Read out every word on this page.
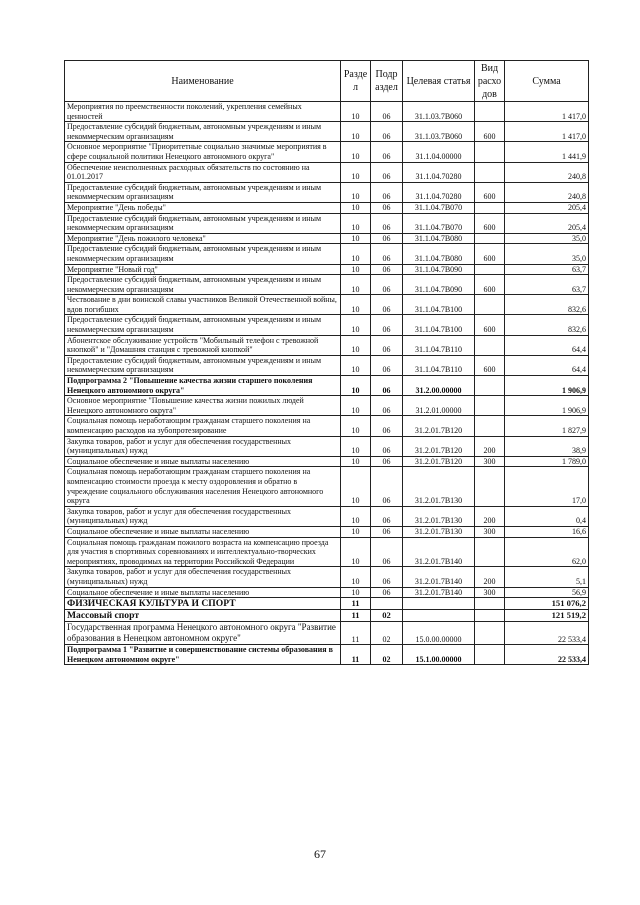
Наименование	Разде л	Подр аздел	Целевая статья	Вид расхо дов	Сумма
Мероприятия по преемственности поколений, укрепления семейных ценностей	10	06	31.1.03.7В060		1 417,0
Предоставление субсидий бюджетным, автономным учреждениям и иным некоммерческим организациям	10	06	31.1.03.7В060	600	1 417,0
Основное мероприятие "Приоритетные социально значимые мероприятия в сфере социальной политики Ненецкого автономного округа"	10	06	31.1.04.00000		1 441,9
Обеспечение неисполненных расходных обязательств по состоянию на 01.01.2017	10	06	31.1.04.70280		240,8
Предоставление субсидий бюджетным, автономным учреждениям и иным некоммерческим организациям	10	06	31.1.04.70280	600	240,8
Мероприятие "День победы"	10	06	31.1.04.7В070		205,4
Предоставление субсидий бюджетным, автономным учреждениям и иным некоммерческим организациям	10	06	31.1.04.7В070	600	205,4
Мероприятие "День пожилого человека"	10	06	31.1.04.7В080		35,0
Предоставление субсидий бюджетным, автономным учреждениям и иным некоммерческим организациям	10	06	31.1.04.7В080	600	35,0
Мероприятие "Новый год"	10	06	31.1.04.7В090		63,7
Предоставление субсидий бюджетным, автономным учреждениям и иным некоммерческим организациям	10	06	31.1.04.7В090	600	63,7
Чествование в дни воинской славы участников Великой Отечественной войны, вдов погибших	10	06	31.1.04.7В100		832,6
Предоставление субсидий бюджетным, автономным учреждениям и иным некоммерческим организациям	10	06	31.1.04.7В100	600	832,6
Абонентское обслуживание устройств "Мобильный телефон с тревожной кнопкой" и "Домашняя станция с тревожной кнопкой"	10	06	31.1.04.7В110		64,4
Предоставление субсидий бюджетным, автономным учреждениям и иным некоммерческим организациям	10	06	31.1.04.7В110	600	64,4
Подпрограмма 2 "Повышение качества жизни старшего поколения Ненецкого автономного округа"	10	06	31.2.00.00000		1 906,9
Основное мероприятие "Повышение качества жизни пожилых людей Ненецкого автономного округа"	10	06	31.2.01.00000		1 906,9
Социальная помощь неработающим гражданам старшего поколения на компенсацию расходов на зубопротезирование	10	06	31.2.01.7В120		1 827,9
Закупка товаров, работ и услуг для обеспечения государственных (муниципальных) нужд	10	06	31.2.01.7В120	200	38,9
Социальное обеспечение и иные выплаты населению	10	06	31.2.01.7В120	300	1 789,0
Социальная помощь неработающим гражданам старшего поколения на компенсацию стоимости проезда к месту оздоровления и обратно в учреждение социального обслуживания населения Ненецкого автономного округа	10	06	31.2.01.7В130		17,0
Закупка товаров, работ и услуг для обеспечения государственных (муниципальных) нужд	10	06	31.2.01.7В130	200	0,4
Социальное обеспечение и иные выплаты населению	10	06	31.2.01.7В130	300	16,6
Социальная помощь гражданам пожилого возраста на компенсацию проезда для участия в спортивных соревнованиях и интеллектуально-творческих мероприятиях, проводимых на территории Российской Федерации	10	06	31.2.01.7В140		62,0
Закупка товаров, работ и услуг для обеспечения государственных (муниципальных) нужд	10	06	31.2.01.7В140	200	5,1
Социальное обеспечение и иные выплаты населению	10	06	31.2.01.7В140	300	56,9
ФИЗИЧЕСКАЯ КУЛЬТУРА И СПОРТ	11				151 076,2
Массовый спорт	11	02			121 519,2
Государственная программа Ненецкого автономного округа "Развитие образования в Ненецком автономном округе"	11	02	15.0.00.00000		22 533,4
Подпрограмма 1 "Развитие и совершенствование системы образования в Ненецком автономном округе"	11	02	15.1.00.00000		22 533,4
67
